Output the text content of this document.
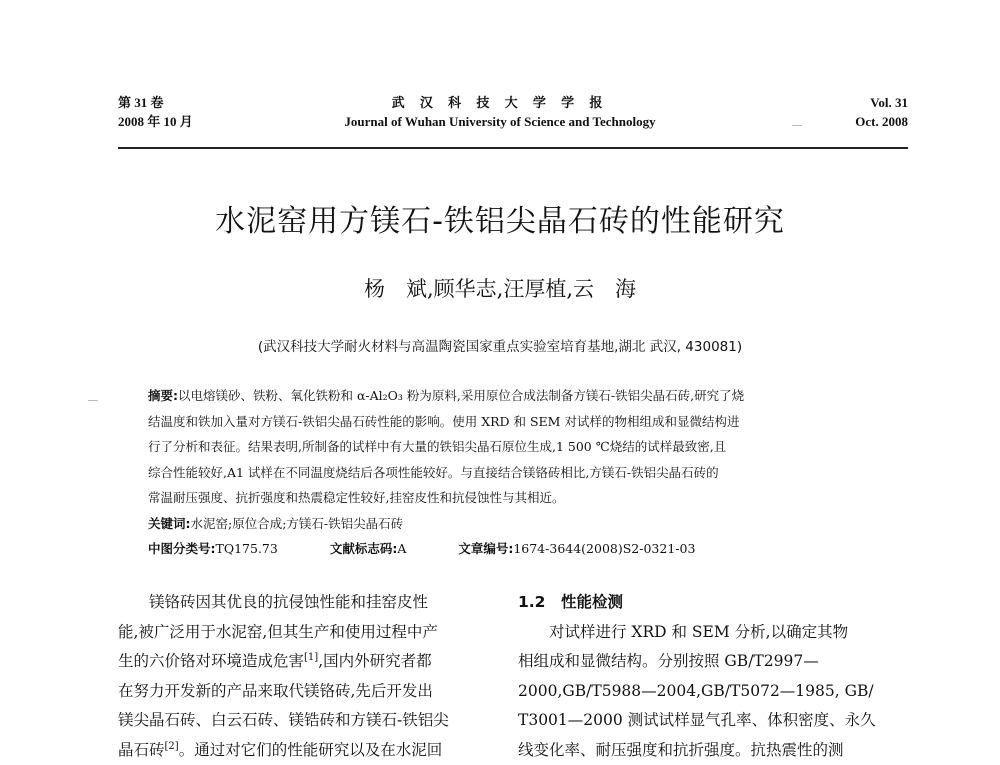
第 31 卷
2008 年 10 月
武 汉 科 技 大 学 学 报
Journal of Wuhan University of Science and Technology
Vol. 31
Oct. 2008
水泥窑用方镁石-铁铝尖晶石砖的性能研究
杨　斌,顾华志,汪厚植,云　海
(武汉科技大学耐火材料与高温陶瓷国家重点实验室培育基地,湖北 武汉, 430081)

摘要:以电熔镁砂、铁粉、氧化铁粉和 α-Al₂O₃ 粉为原料,采用原位合成法制备方镁石-铁铝尖晶石砖,研究了烧

结温度和铁加入量对方镁石-铁铝尖晶石砖性能的影响。使用 XRD 和 SEM 对试样的物相组成和显微结构进

行了分析和表征。结果表明,所制备的试样中有大量的铁铝尖晶石原位生成,1 500 ℃烧结的试样最致密,且

综合性能较好,A1 试样在不同温度烧结后各项性能较好。与直接结合镁铬砖相比,方镁石-铁铝尖晶石砖的

常温耐压强度、抗折强度和热震稳定性较好,挂窑皮性和抗侵蚀性与其相近。

关键词:水泥窑;原位合成;方镁石-铁铝尖晶石砖

中图分类号:TQ175.73	文献标志码:A	文章编号:1674-3644(2008)S2-0321-03

镁铬砖因其优良的抗侵蚀性能和挂窑皮性

能,被广泛用于水泥窑,但其生产和使用过程中产

生的六价铬对环境造成危害[1],国内外研究者都

在努力开发新的产品来取代镁铬砖,先后开发出

镁尖晶石砖、白云石砖、镁锆砖和方镁石-铁铝尖

晶石砖[2]。通过对它们的性能研究以及在水泥回

1.2　性能检测

对试样进行 XRD 和 SEM 分析,以确定其物

相组成和显微结构。分别按照 GB/T2997—

2000,GB/T5988—2004,GB/T5072—1985, GB/

T3001—2000 测试试样显气孔率、体积密度、永久

线变化率、耐压强度和抗折强度。抗热震性的测
